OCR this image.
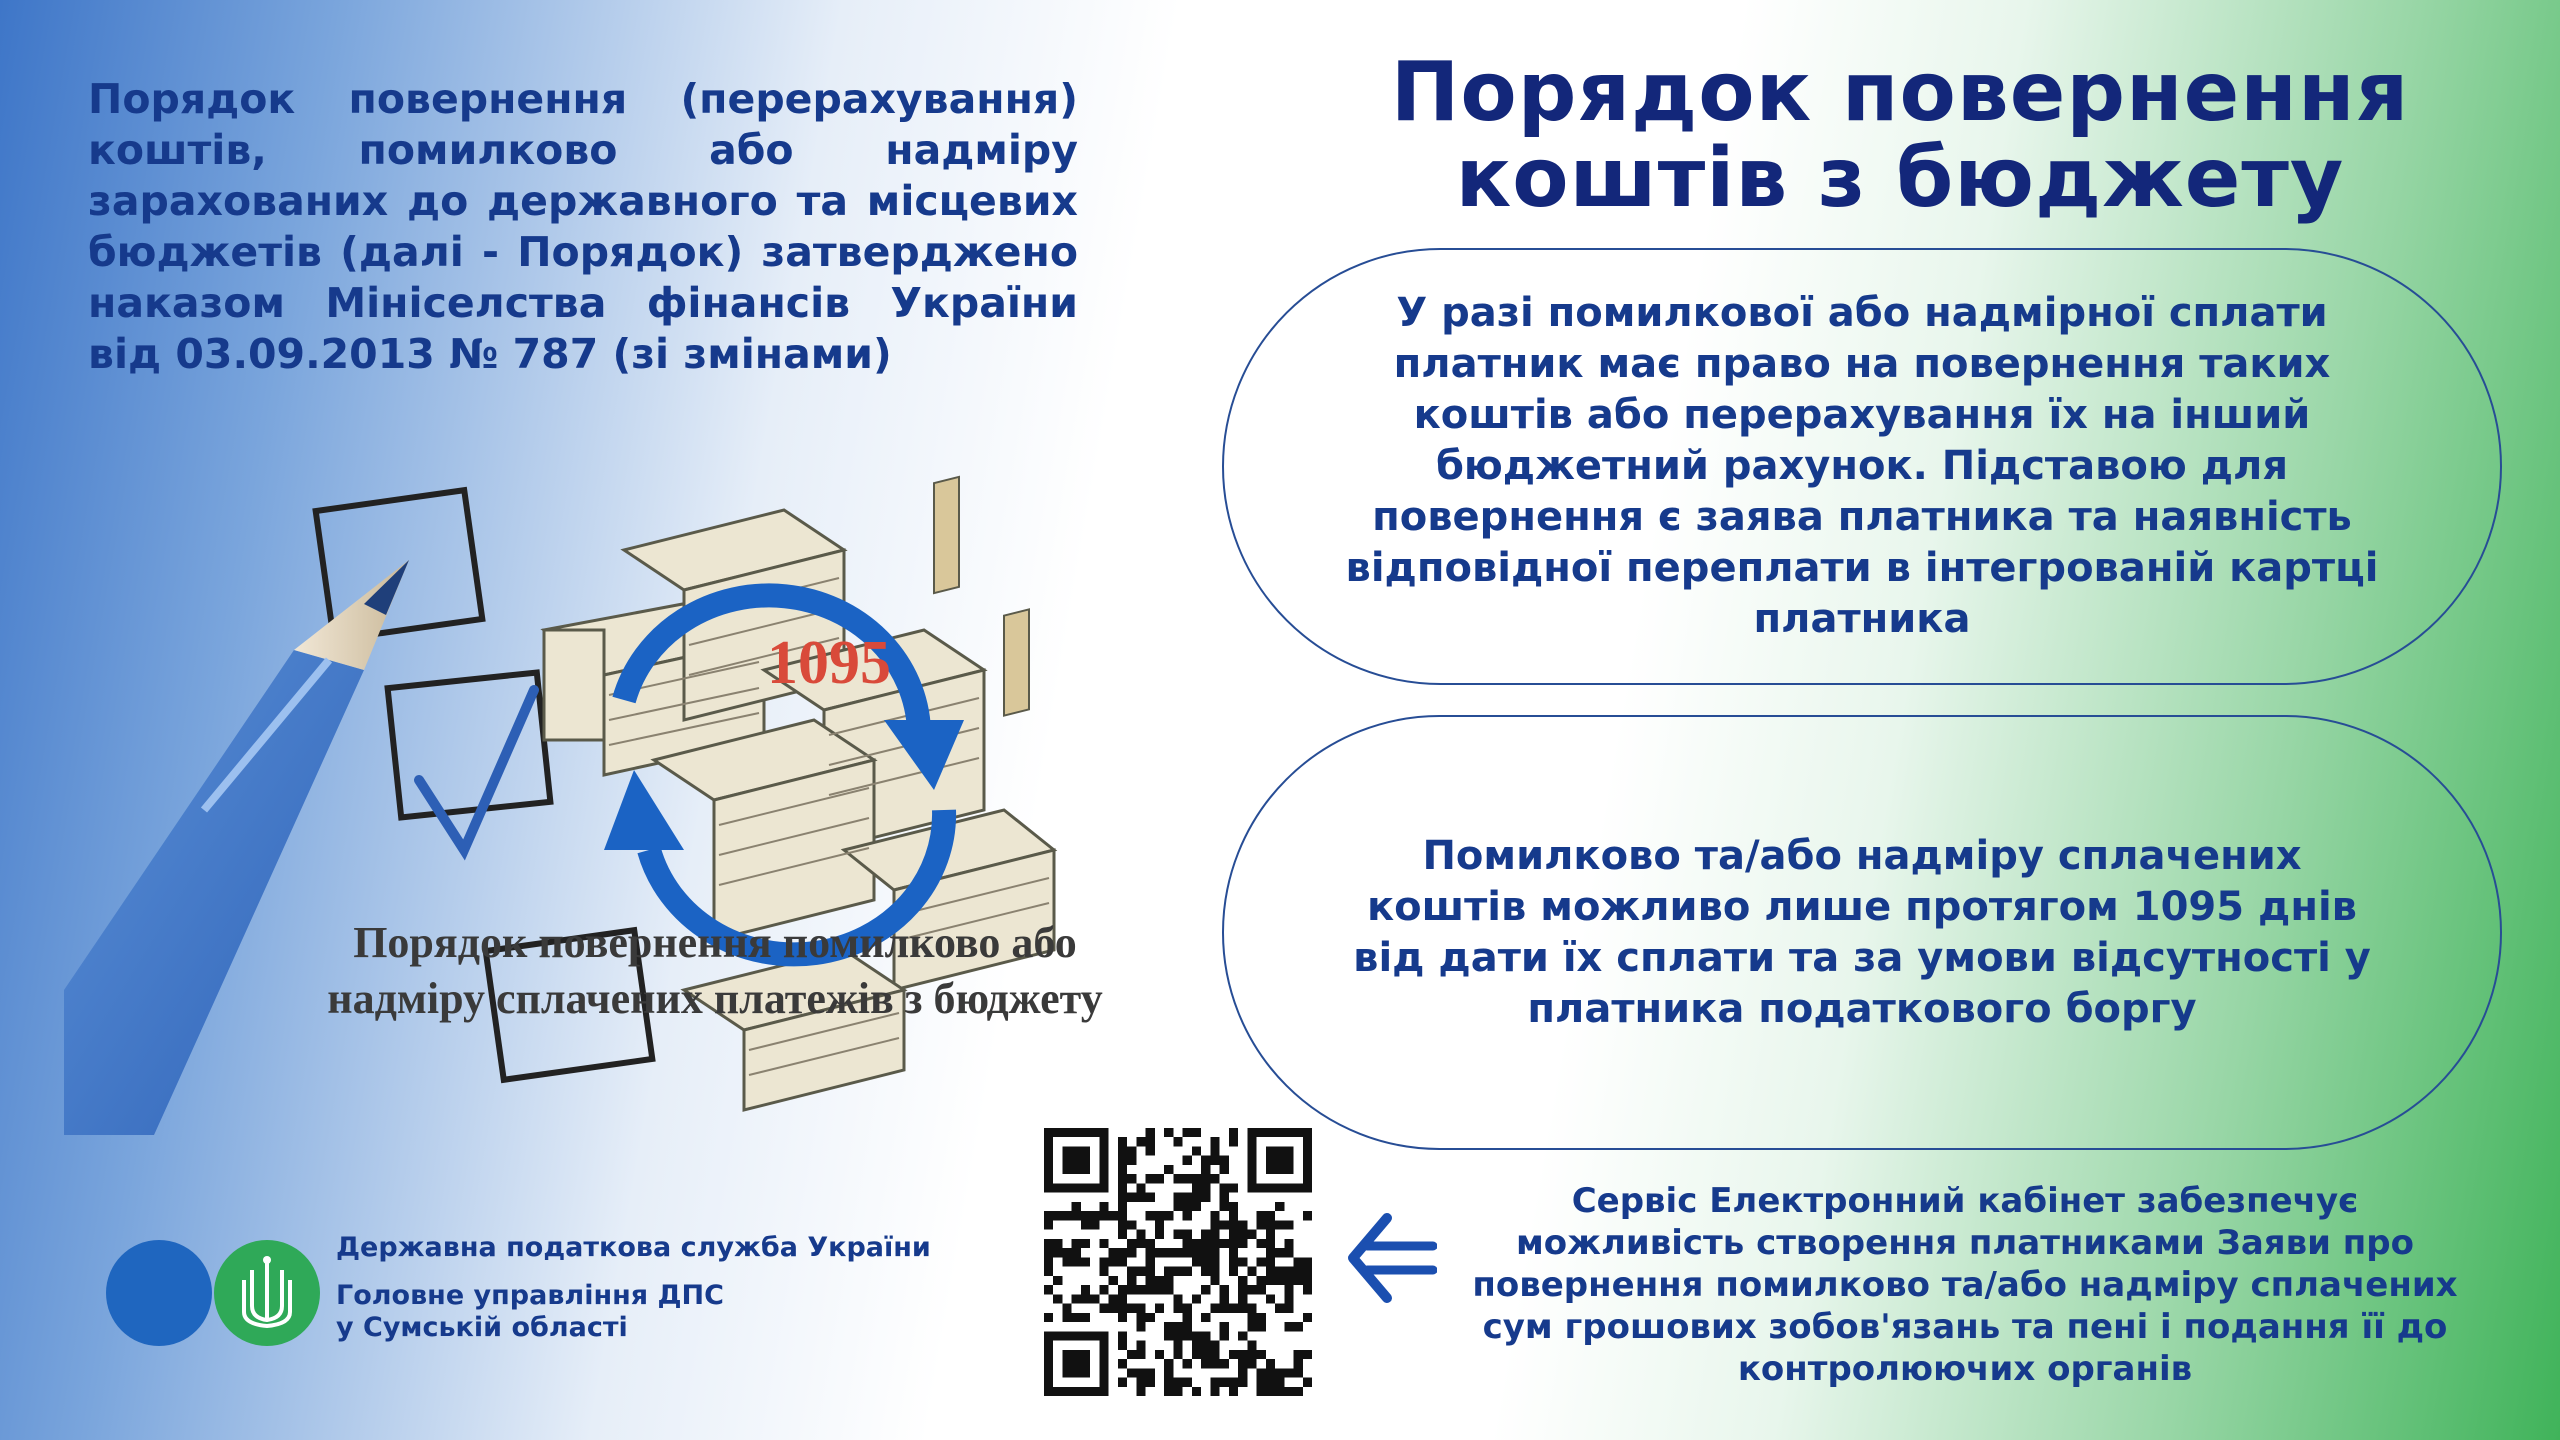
Порядок повернення (перерахування) коштів, помилково або надміру зарахованих до державного та місцевих бюджетів (далі - Порядок) затверджено наказом Мініселства фінансів України від 03.09.2013 № 787 (зі змінами)
1095
Порядок повернення помилково або
надміру сплачених платежів з бюджету
Порядок повернення
коштів з бюджету
У разі помилкової або надмірної сплати платник має право на повернення таких коштів або перерахування їх на інший бюджетний рахунок. Підставою для повернення є заява платника та наявність відповідної переплати в інтегрованій картці платника
Помилково та/або надміру сплачених коштів можливо лише протягом 1095 днів від дати їх сплати та за умови відсутності у платника податкового боргу
Сервіс Електронний кабінет забезпечує можливість створення платниками Заяви про повернення помилково та/або надміру сплачених сум грошових зобов'язань та пені і подання її до контролюючих органів
Державна податкова служба України
Головне управління ДПС
у Сумській області
